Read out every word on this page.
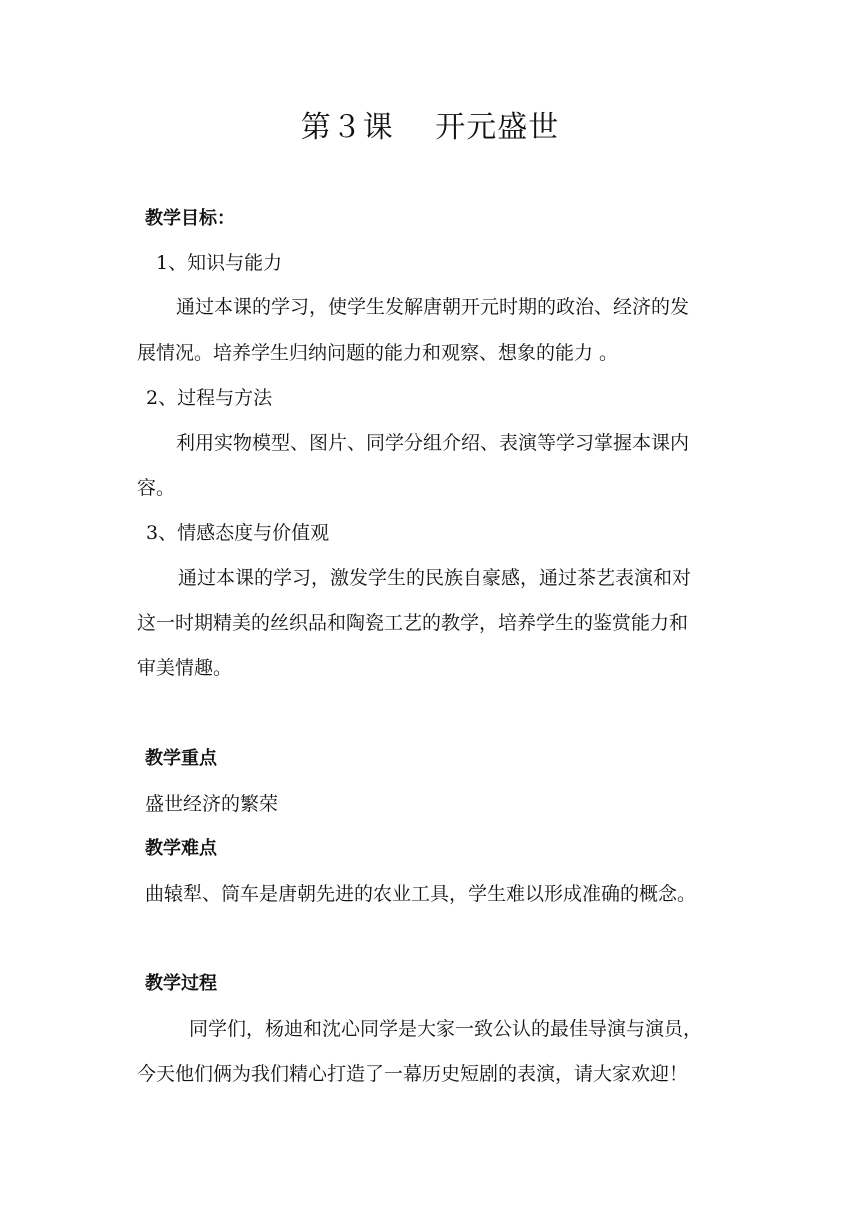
第３课　 开元盛世
教学目标：
1、知识与能力
通过本课的学习，使学生发解唐朝开元时期的政治、经济的发
展情况。培养学生归纳问题的能力和观察、想象的能力 。
2、过程与方法
利用实物模型、图片、同学分组介绍、表演等学习掌握本课内
容。
3、情感态度与价值观
通过本课的学习，激发学生的民族自豪感，通过茶艺表演和对
这一时期精美的丝织品和陶瓷工艺的教学，培养学生的鉴赏能力和
审美情趣。
教学重点
盛世经济的繁荣
教学难点
曲辕犁、筒车是唐朝先进的农业工具，学生难以形成准确的概念。
教学过程
同学们，杨迪和沈心同学是大家一致公认的最佳导演与演员，
今天他们俩为我们精心打造了一幕历史短剧的表演，请大家欢迎！
